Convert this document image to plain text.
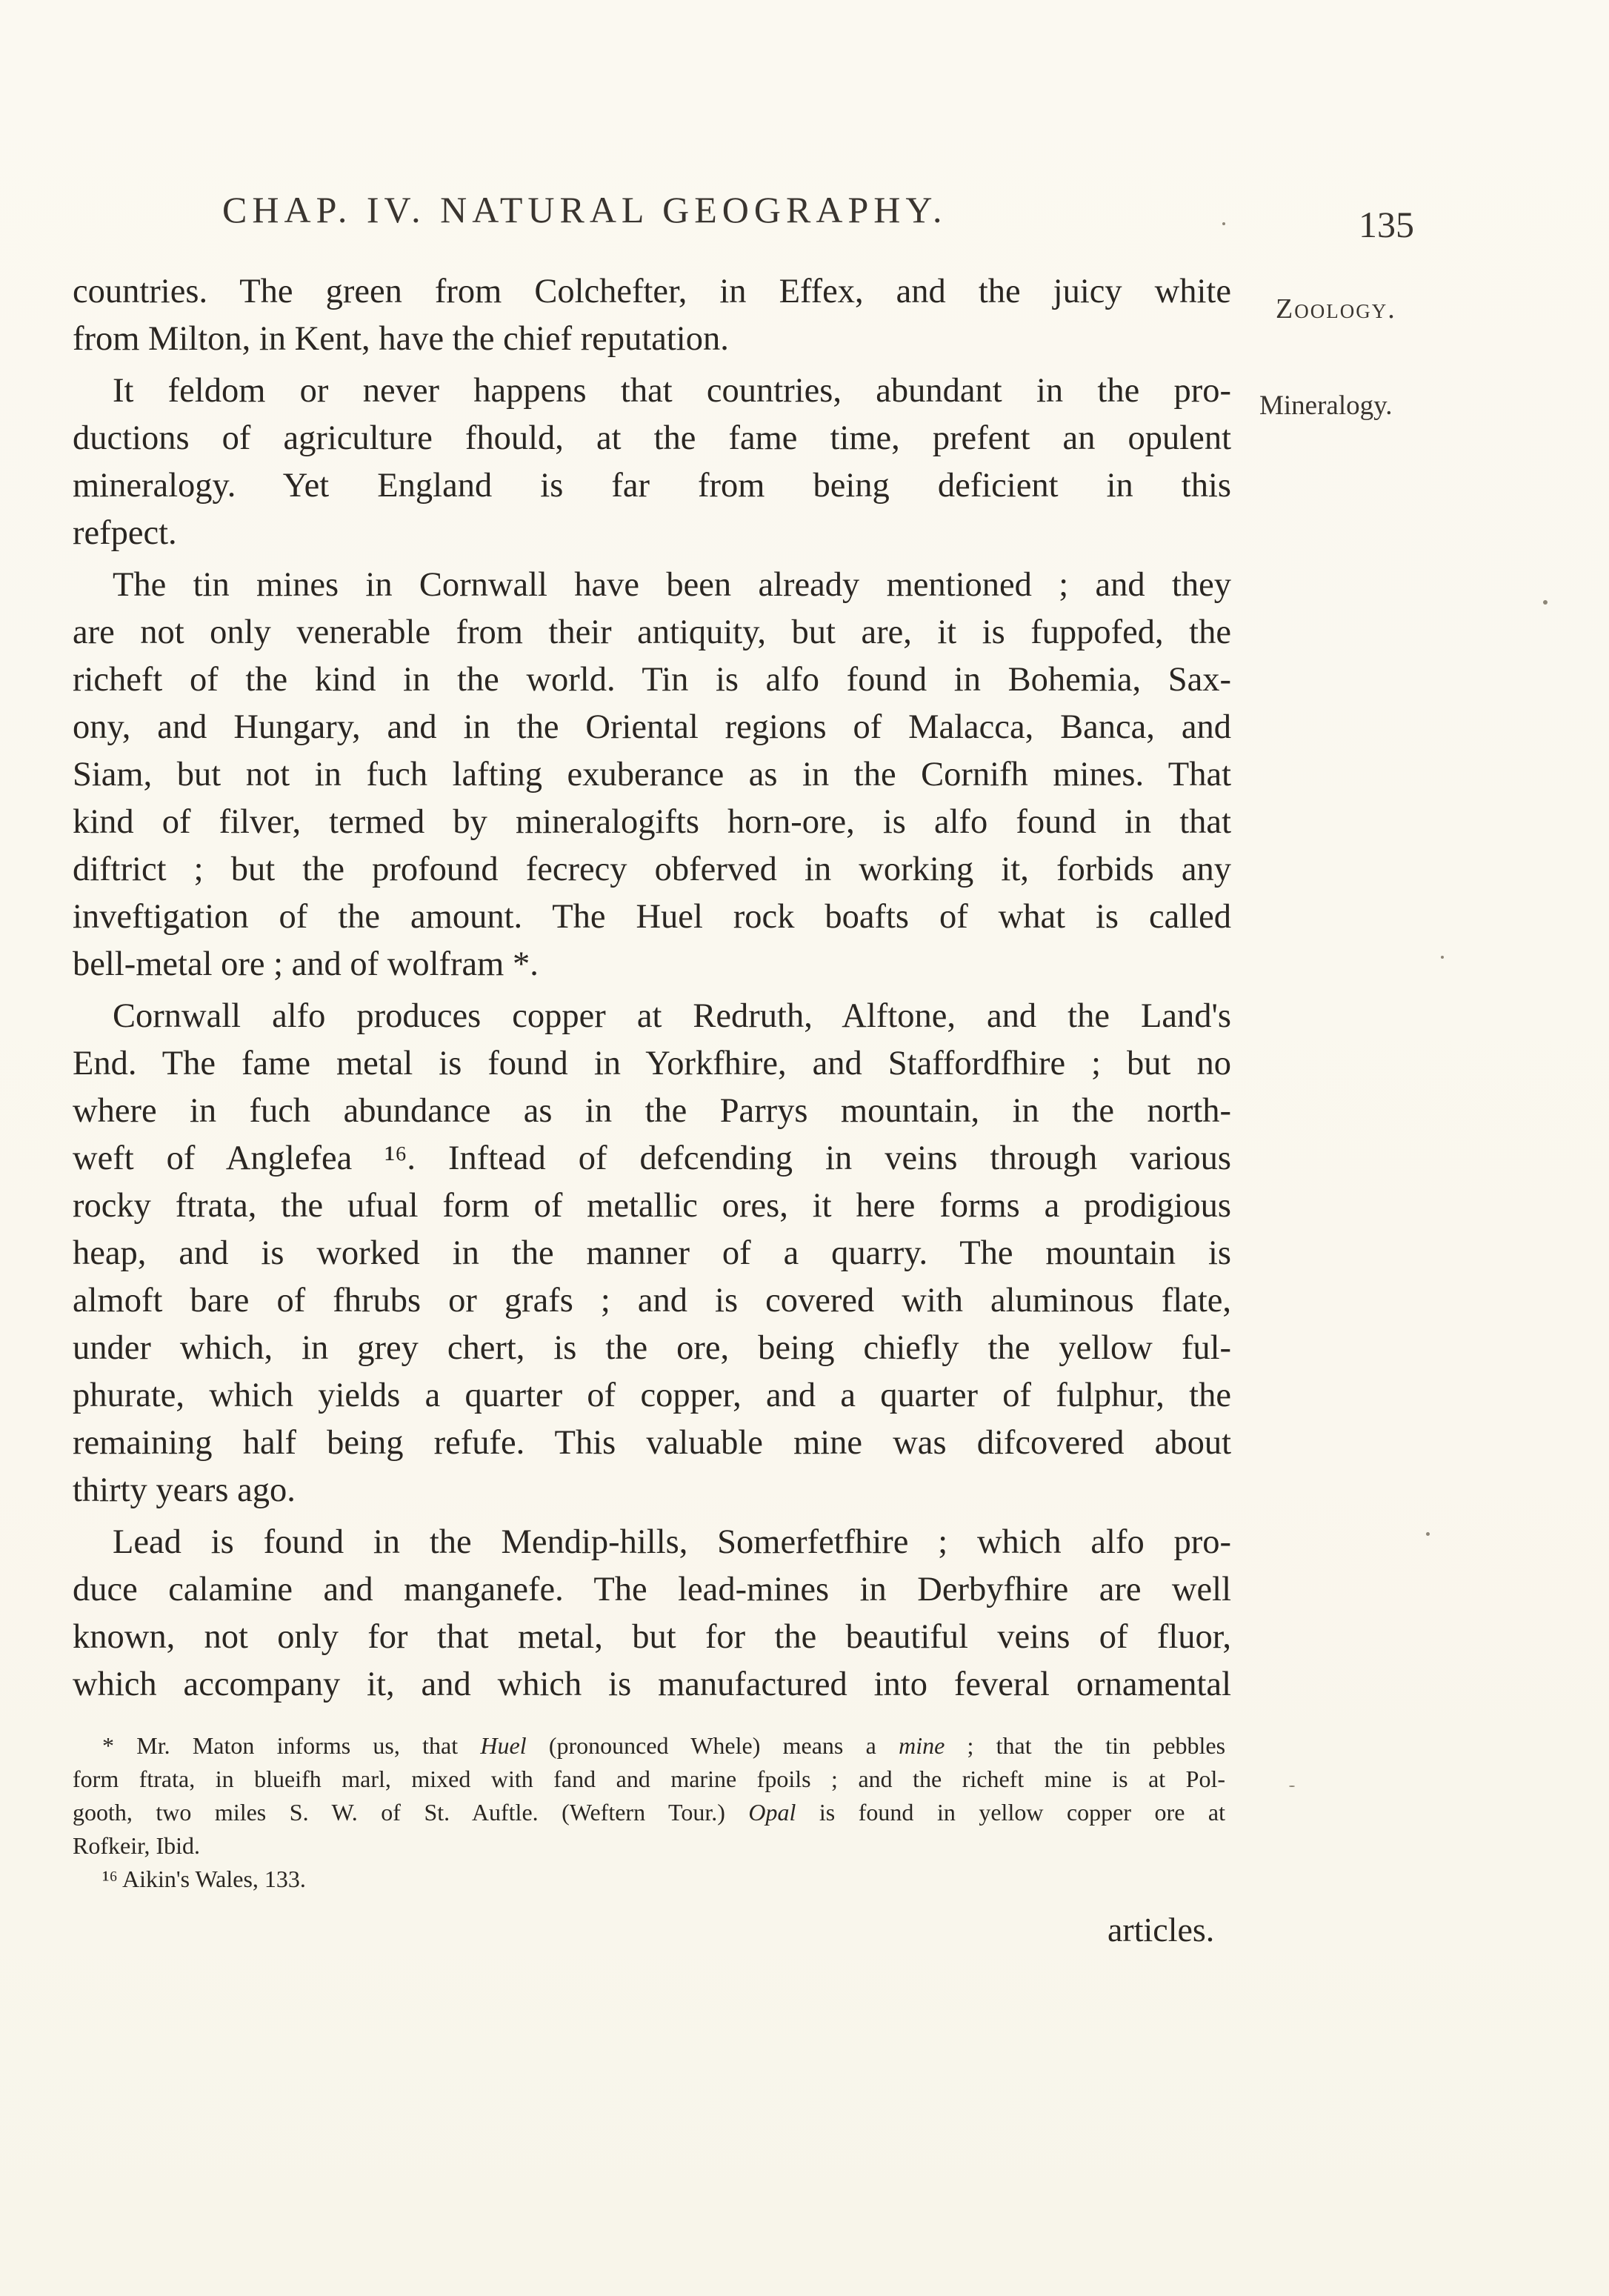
CHAP. IV. NATURAL GEOGRAPHY.	135
Zoology.
Mineralogy.
countries. The green from Colchefter, in Effex, and the juicy white
from Milton, in Kent, have the chief reputation.
It feldom or never happens that countries, abundant in the pro-
ductions of agriculture fhould, at the fame time, prefent an opulent
mineralogy. Yet England is far from being deficient in this
refpect.
The tin mines in Cornwall have been already mentioned ; and they
are not only venerable from their antiquity, but are, it is fuppofed, the
richeft of the kind in the world. Tin is alfo found in Bohemia, Sax-
ony, and Hungary, and in the Oriental regions of Malacca, Banca, and
Siam, but not in fuch lafting exuberance as in the Cornifh mines. That
kind of filver, termed by mineralogifts horn-ore, is alfo found in that
diftrict ; but the profound fecrecy obferved in working it, forbids any
inveftigation of the amount. The Huel rock boafts of what is called
bell-metal ore ; and of wolfram *.
Cornwall alfo produces copper at Redruth, Alftone, and the Land's
End. The fame metal is found in Yorkfhire, and Staffordfhire ; but no
where in fuch abundance as in the Parrys mountain, in the north-
weft of Anglefea ¹⁶. Inftead of defcending in veins through various
rocky ftrata, the ufual form of metallic ores, it here forms a prodigious
heap, and is worked in the manner of a quarry. The mountain is
almoft bare of fhrubs or grafs ; and is covered with aluminous flate,
under which, in grey chert, is the ore, being chiefly the yellow ful-
phurate, which yields a quarter of copper, and a quarter of fulphur, the
remaining half being refufe. This valuable mine was difcovered about
thirty years ago.
Lead is found in the Mendip-hills, Somerfetfhire ; which alfo pro-
duce calamine and manganefe. The lead-mines in Derbyfhire are well
known, not only for that metal, but for the beautiful veins of fluor,
which accompany it, and which is manufactured into feveral ornamental
* Mr. Maton informs us, that Huel (pronounced Whele) means a mine ; that the tin pebbles
form ftrata, in blueifh marl, mixed with fand and marine fpoils ; and the richeft mine is at Pol-
gooth, two miles S. W. of St. Auftle. (Weftern Tour.) Opal is found in yellow copper ore at
Rofkeir, Ibid.
¹⁶ Aikin's Wales, 133.
articles.
